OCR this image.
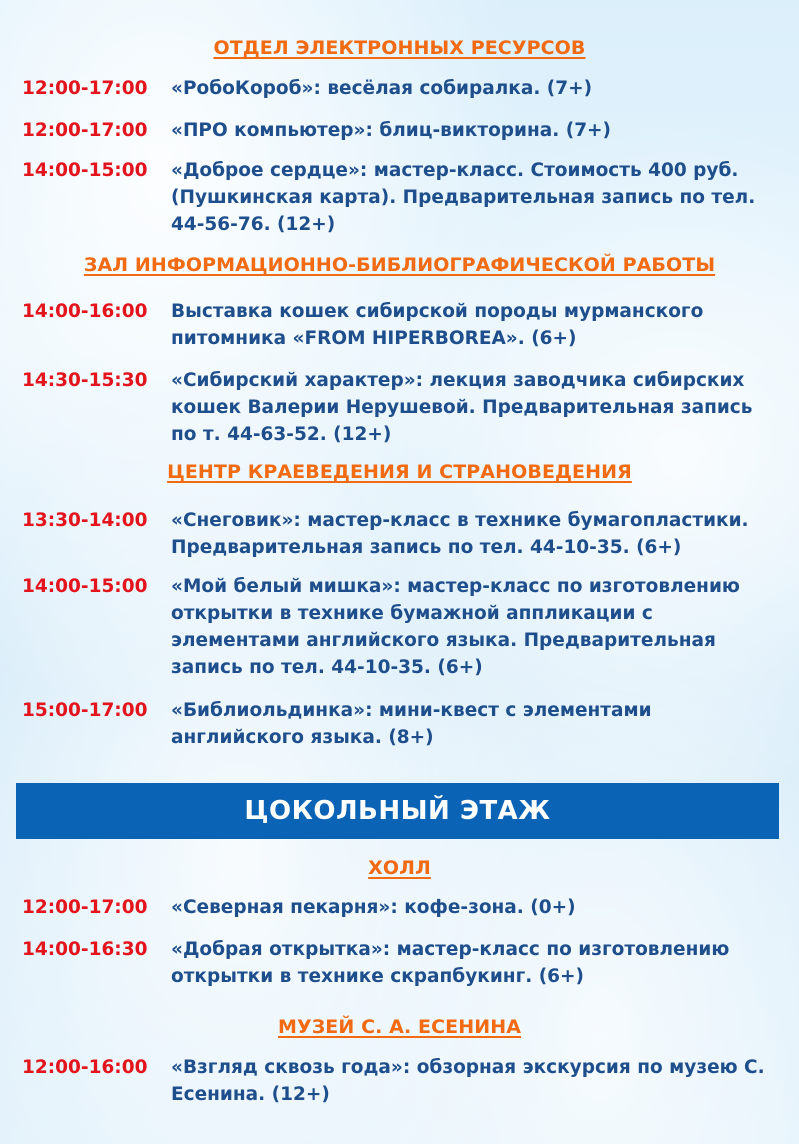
ОТДЕЛ ЭЛЕКТРОННЫХ РЕСУРСОВ
12:00-17:00 «РобоКороб»: весёлая собиралка. (7+)
12:00-17:00 «ПРО компьютер»: блиц-викторина. (7+)
14:00-15:00 «Доброе сердце»: мастер-класс. Стоимость 400 руб. (Пушкинская карта). Предварительная запись по тел. 44-56-76. (12+)
ЗАЛ ИНФОРМАЦИОННО-БИБЛИОГРАФИЧЕСКОЙ РАБОТЫ
14:00-16:00 Выставка кошек сибирской породы мурманского питомника «FROM HIPERBOREA». (6+)
14:30-15:30 «Сибирский характер»: лекция заводчика сибирских кошек Валерии Нерушевой. Предварительная запись по т. 44-63-52. (12+)
ЦЕНТР КРАЕВЕДЕНИЯ И СТРАНОВЕДЕНИЯ
13:30-14:00 «Снеговик»: мастер-класс в технике бумагопластики. Предварительная запись по тел. 44-10-35. (6+)
14:00-15:00 «Мой белый мишка»: мастер-класс по изготовлению открытки в технике бумажной аппликации с элементами английского языка. Предварительная запись по тел. 44-10-35. (6+)
15:00-17:00 «Библиольдинка»: мини-квест с элементами английского языка. (8+)
ЦОКОЛЬНЫЙ ЭТАЖ
ХОЛЛ
12:00-17:00 «Северная пекарня»: кофе-зона. (0+)
14:00-16:30 «Добрая открытка»: мастер-класс по изготовлению открытки в технике скрапбукинг. (6+)
МУЗЕЙ С. А. ЕСЕНИНА
12:00-16:00 «Взгляд сквозь года»: обзорная экскурсия по музею С. Есенина. (12+)
